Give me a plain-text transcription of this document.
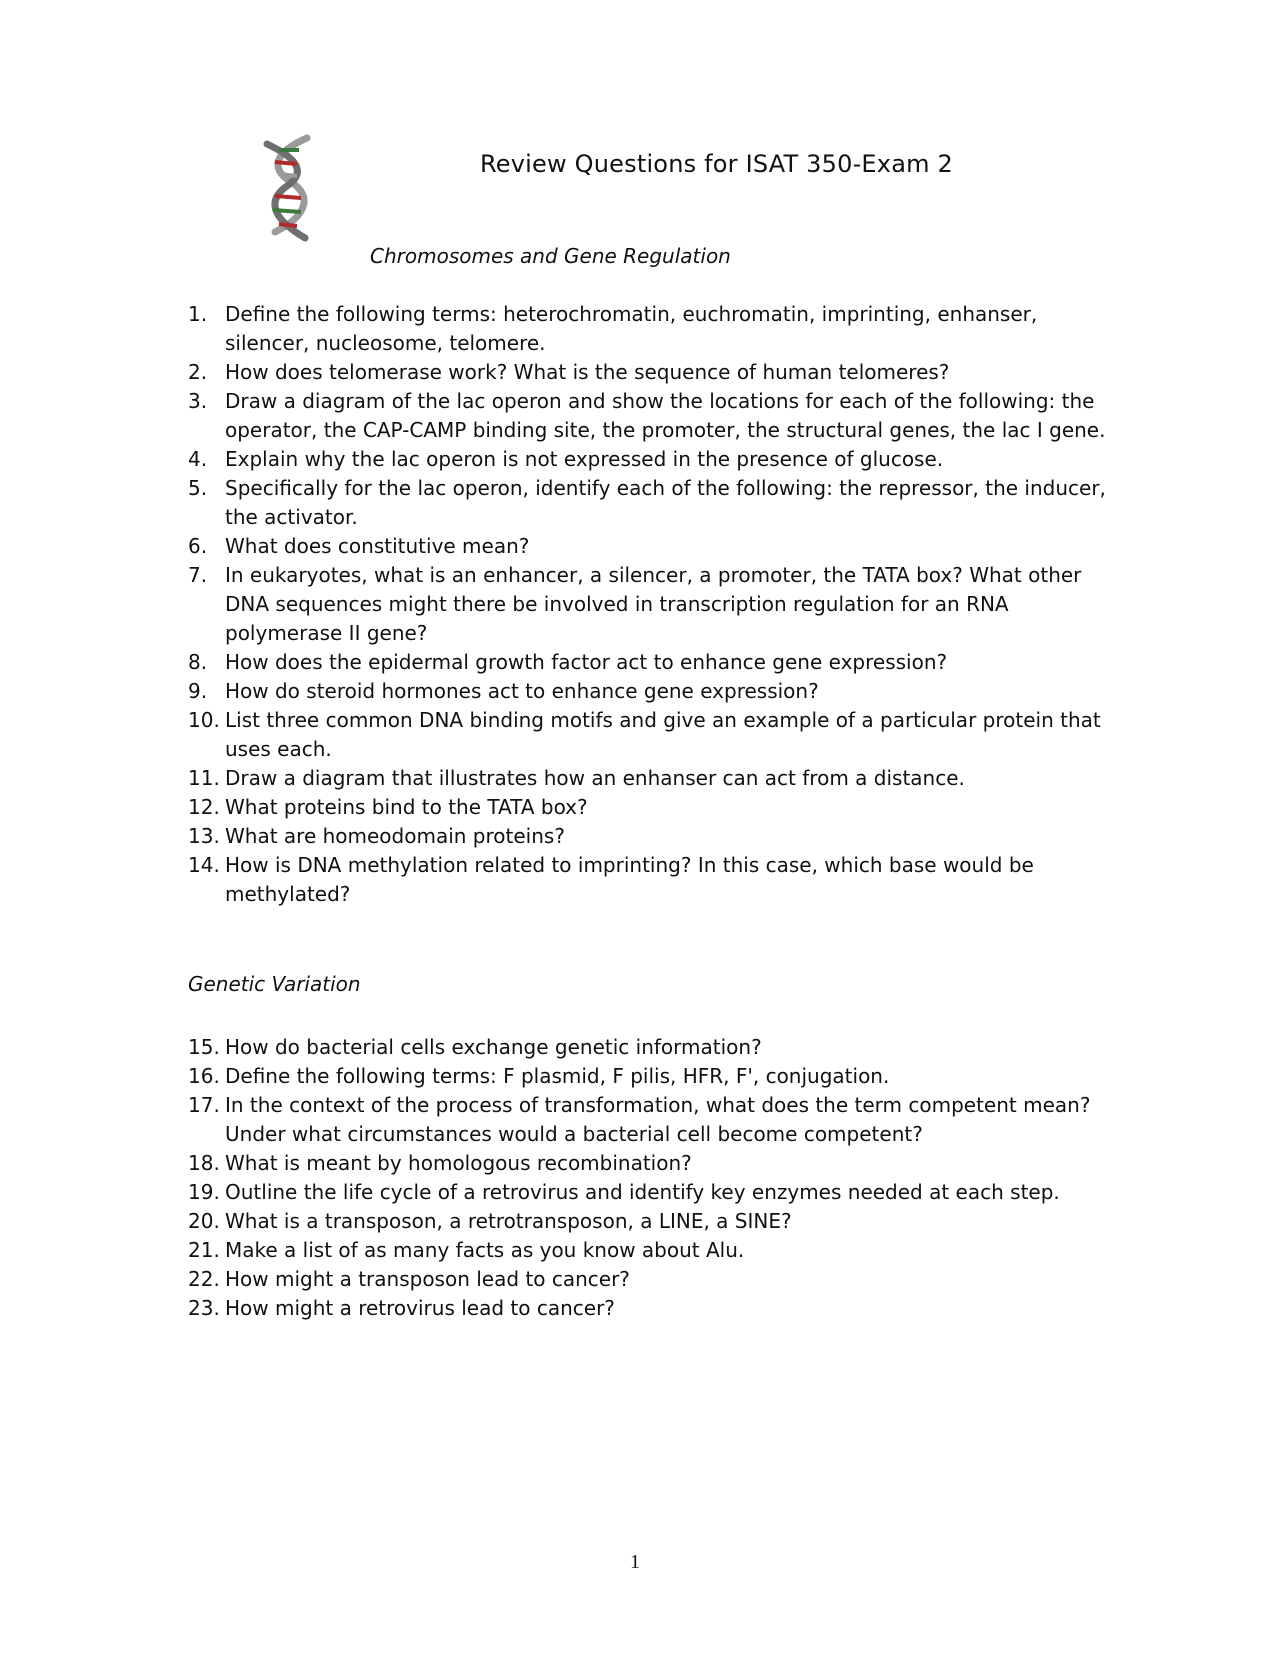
Review Questions for ISAT 350-Exam 2
Chromosomes and Gene Regulation
1. Define the following terms: heterochromatin, euchromatin, imprinting, enhanser, silencer, nucleosome, telomere.
2. How does telomerase work? What is the sequence of human telomeres?
3. Draw a diagram of the lac operon and show the locations for each of the following: the operator, the CAP-CAMP binding site, the promoter, the structural genes, the lac I gene.
4. Explain why the lac operon is not expressed in the presence of glucose.
5. Specifically for the lac operon, identify each of the following: the repressor, the inducer, the activator.
6. What does constitutive mean?
7. In eukaryotes, what is an enhancer, a silencer, a promoter, the TATA box? What other DNA sequences might there be involved in transcription regulation for an RNA polymerase II gene?
8. How does the epidermal growth factor act to enhance gene expression?
9. How do steroid hormones act to enhance gene expression?
10. List three common DNA binding motifs and give an example of a particular protein that uses each.
11. Draw a diagram that illustrates how an enhanser can act from a distance.
12. What proteins bind to the TATA box?
13. What are homeodomain proteins?
14. How is DNA methylation related to imprinting? In this case, which base would be methylated?
Genetic Variation
15. How do bacterial cells exchange genetic information?
16. Define the following terms: F plasmid, F pilis, HFR, F', conjugation.
17. In the context of the process of transformation, what does the term competent mean? Under what circumstances would a bacterial cell become competent?
18. What is meant by homologous recombination?
19. Outline the life cycle of a retrovirus and identify key enzymes needed at each step.
20. What is a transposon, a retrotransposon, a LINE, a SINE?
21. Make a list of as many facts as you know about Alu.
22. How might a transposon lead to cancer?
23. How might a retrovirus lead to cancer?
1
